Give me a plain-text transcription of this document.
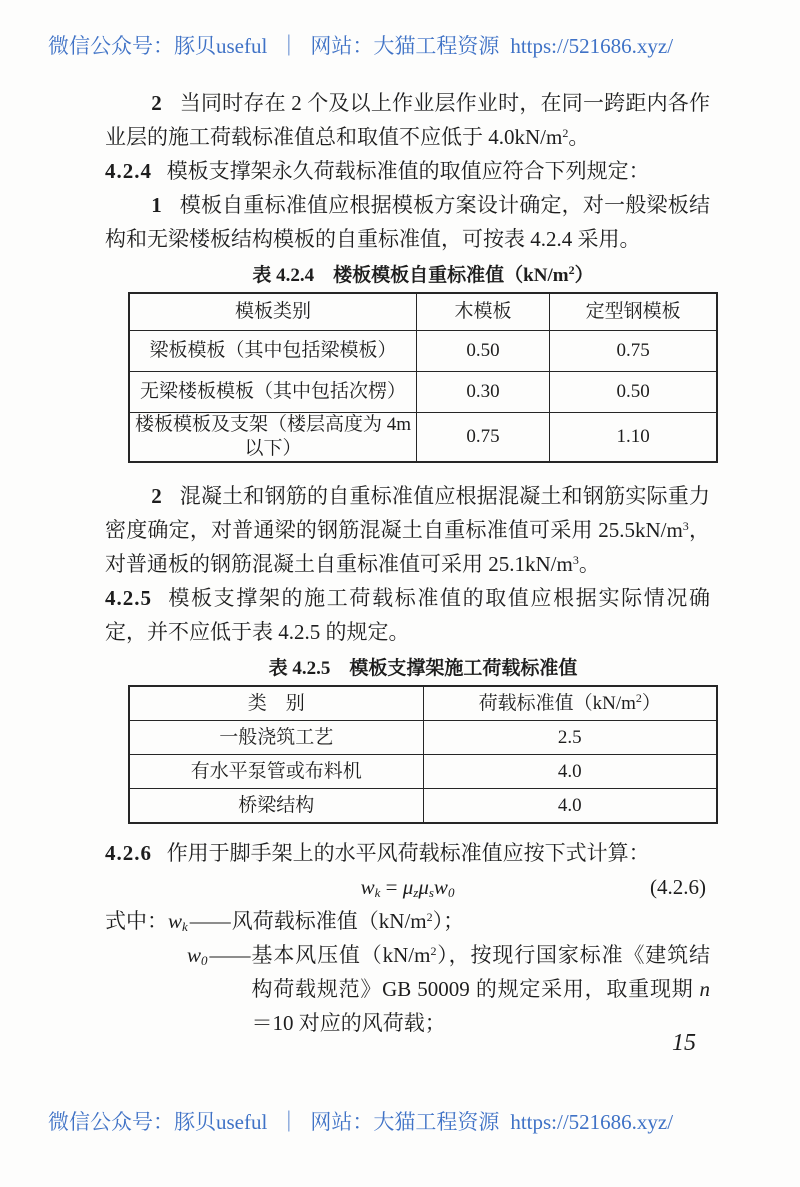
微信公众号：豚贝useful ｜ 网站：大猫工程资源 https://521686.xyz/

2 当同时存在 2 个及以上作业层作业时，在同一跨距内各作业层的施工荷载标准值总和取值不应低于 $4.0kN/m^2$。

4.2.4 模板支撑架永久荷载标准值的取值应符合下列规定：

1 模板自重标准值应根据模板方案设计确定，对一般梁板结构和无梁楼板结构模板的自重标准值，可按表 4.2.4 采用。

表 4.2.4　楼板模板自重标准值$(kN/m^2)$

模板类别	木模板	定型钢模板
梁板模板（其中包括梁模板）	0.50	0.75
无梁楼板模板（其中包括次楞）	0.30	0.50
楼板模板及支架（楼层高度为 4m 以下）	0.75	1.10

2 混凝土和钢筋的自重标准值应根据混凝土和钢筋实际重力密度确定，对普通梁的钢筋混凝土自重标准值可采用 $25.5kN/m^3$，对普通板的钢筋混凝土自重标准值可采用 $25.1kN/m^3$。

4.2.5 模板支撑架的施工荷载标准值的取值应根据实际情况确定，并不应低于表 4.2.5 的规定。

表 4.2.5　模板支撑架施工荷载标准值

类　别	荷载标准值$(kN/m^2)$
一般浇筑工艺	2.5
有水平泵管或布料机	4.0
桥梁结构	4.0

4.2.6 作用于脚手架上的水平风荷载标准值应按下式计算：

$w_k = \mu_z\mu_sw_0$	(4.2.6)

式中：$w_k——$风荷载标准值$(kN/m^2)$；

$w_0——$ 基本风压值$(kN/m^2)$，按现行国家标准《建筑结构荷载规范》GB 50009 的规定采用，取重现期 n＝10 对应的风荷载；
15
微信公众号：豚贝useful ｜ 网站：大猫工程资源 https://521686.xyz/
